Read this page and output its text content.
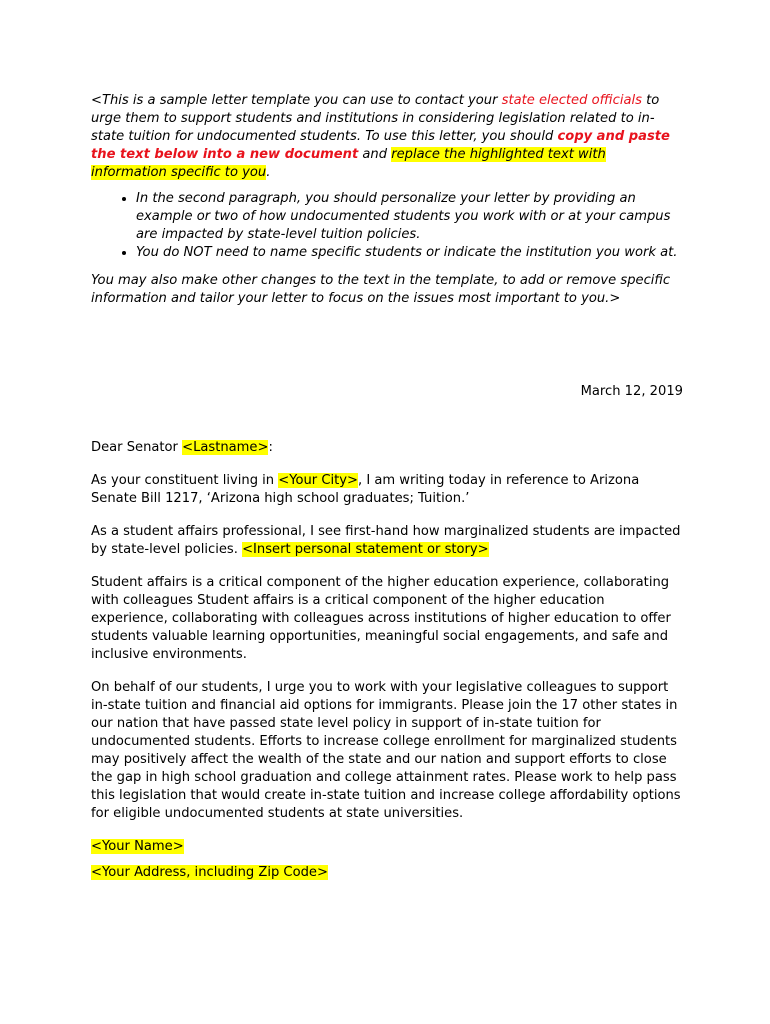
<This is a sample letter template you can use to contact your state elected officials to urge them to support students and institutions in considering legislation related to in-state tuition for undocumented students. To use this letter, you should copy and paste the text below into a new document and replace the highlighted text with information specific to you.

• In the second paragraph, you should personalize your letter by providing an example or two of how undocumented students you work with or at your campus are impacted by state-level tuition policies.
• You do NOT need to name specific students or indicate the institution you work at.

You may also make other changes to the text in the template, to add or remove specific information and tailor your letter to focus on the issues most important to you.>

March 12, 2019

Dear Senator <Lastname>:

As your constituent living in <Your City>, I am writing today in reference to Arizona Senate Bill 1217, ‘Arizona high school graduates; Tuition.’

As a student affairs professional, I see first-hand how marginalized students are impacted by state-level policies. <Insert personal statement or story>

Student affairs is a critical component of the higher education experience, collaborating with colleagues Student affairs is a critical component of the higher education experience, collaborating with colleagues across institutions of higher education to offer students valuable learning opportunities, meaningful social engagements, and safe and inclusive environments.

On behalf of our students, I urge you to work with your legislative colleagues to support in-state tuition and financial aid options for immigrants. Please join the 17 other states in our nation that have passed state level policy in support of in-state tuition for undocumented students. Efforts to increase college enrollment for marginalized students may positively affect the wealth of the state and our nation and support efforts to close the gap in high school graduation and college attainment rates. Please work to help pass this legislation that would create in-state tuition and increase college affordability options for eligible undocumented students at state universities.

<Your Name>

<Your Address, including Zip Code>
